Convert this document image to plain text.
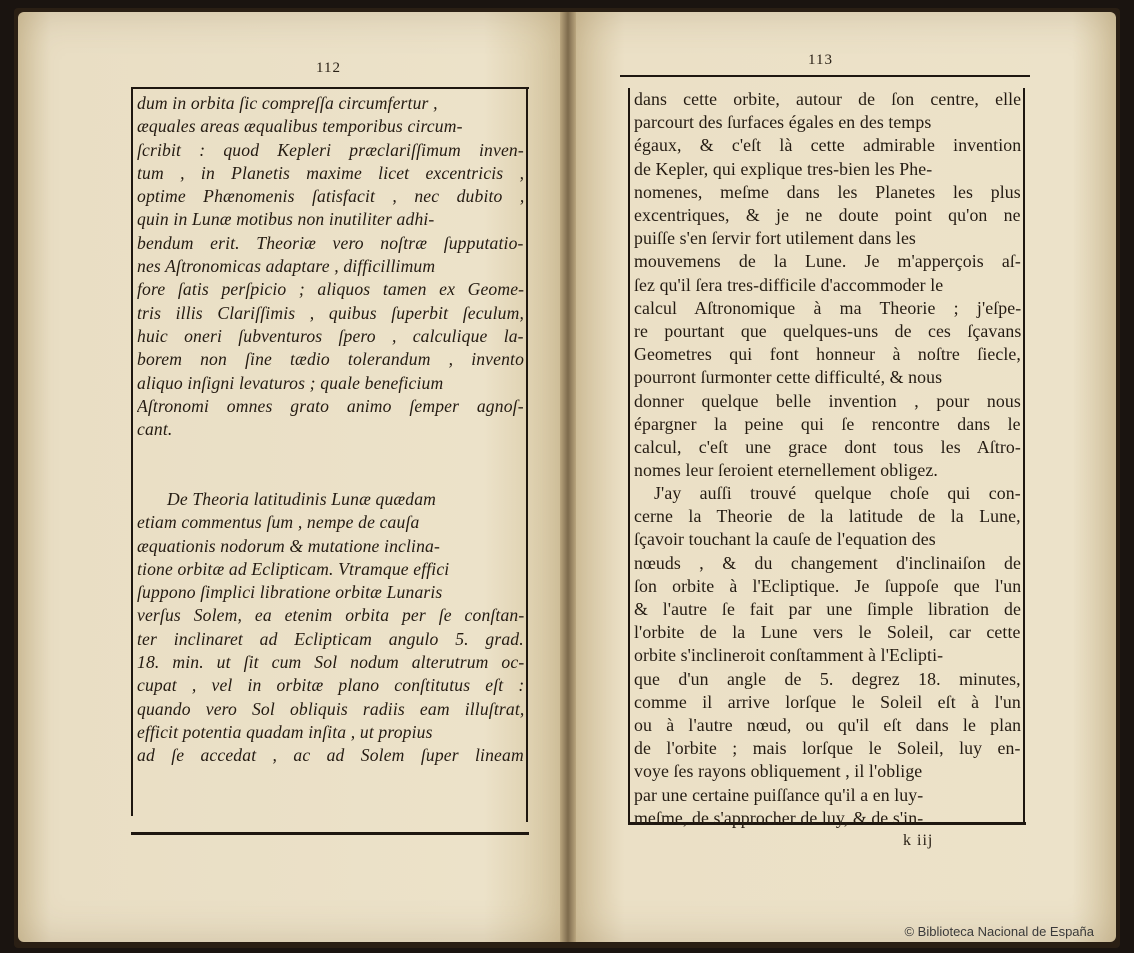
112
dum in orbita ſic compreſſa circumfertur ,
æquales areas æqualibus temporibus circum-
ſcribit : quod Kepleri præclariſſimum inven-
tum , in Planetis maxime licet excentricis ,
optime Phænomenis ſatisfacit , nec dubito ,
quin in Lunæ motibus non inutiliter adhi-
bendum erit. Theoriæ vero noſtræ ſupputatio-
nes Aſtronomicas adaptare , difficillimum
fore ſatis perſpicio ; aliquos tamen ex Geome-
tris illis Clariſſimis , quibus ſuperbit ſeculum,
huic oneri ſubventuros ſpero , calculique la-
borem non ſine tædio tolerandum , invento
aliquo inſigni levaturos ; quale beneficium
Aſtronomi omnes grato animo ſemper agnoſ-
cant.
De Theoria latitudinis Lunæ quædam
etiam commentus ſum , nempe de cauſa
æquationis nodorum & mutatione inclina-
tione orbitæ ad Eclipticam. Vtramque effici
ſuppono ſimplici libratione orbitæ Lunaris
verſus Solem, ea etenim orbita per ſe conſtan-
ter inclinaret ad Eclipticam angulo 5. grad.
18. min. ut ſit cum Sol nodum alterutrum oc-
cupat , vel in orbitæ plano conſtitutus eſt :
quando vero Sol obliquis radiis eam illuſtrat,
efficit potentia quadam inſita , ut propius
ad ſe accedat , ac ad Solem ſuper lineam
113
dans cette orbite, autour de ſon centre, elle
parcourt des ſurfaces égales en des temps
égaux, & c'eſt là cette admirable invention
de Kepler, qui explique tres-bien les Phe-
nomenes, meſme dans les Planetes les plus
excentriques, & je ne doute point qu'on ne
puiſſe s'en ſervir fort utilement dans les
mouvemens de la Lune. Je m'apperçois aſ-
ſez qu'il ſera tres-difficile d'accommoder le
calcul Aſtronomique à ma Theorie ; j'eſpe-
re pourtant que quelques-uns de ces ſçavans
Geometres qui font honneur à noſtre ſiecle,
pourront ſurmonter cette difficulté, & nous
donner quelque belle invention , pour nous
épargner la peine qui ſe rencontre dans le
calcul, c'eſt une grace dont tous les Aſtro-
nomes leur ſeroient eternellement obligez.
J'ay auſſi trouvé quelque choſe qui con-
cerne la Theorie de la latitude de la Lune,
ſçavoir touchant la cauſe de l'equation des
nœuds , & du changement d'inclinaiſon de
ſon orbite à l'Ecliptique. Je ſuppoſe que l'un
& l'autre ſe fait par une ſimple libration de
l'orbite de la Lune vers le Soleil, car cette
orbite s'inclineroit conſtamment à l'Eclipti-
que d'un angle de 5. degrez 18. minutes,
comme il arrive lorſque le Soleil eſt à l'un
ou à l'autre nœud, ou qu'il eſt dans le plan
de l'orbite ; mais lorſque le Soleil, luy en-
voye ſes rayons obliquement , il l'oblige
par une certaine puiſſance qu'il a en luy-
meſme, de s'approcher de luy, & de s'in-
k iij
© Biblioteca Nacional de España
